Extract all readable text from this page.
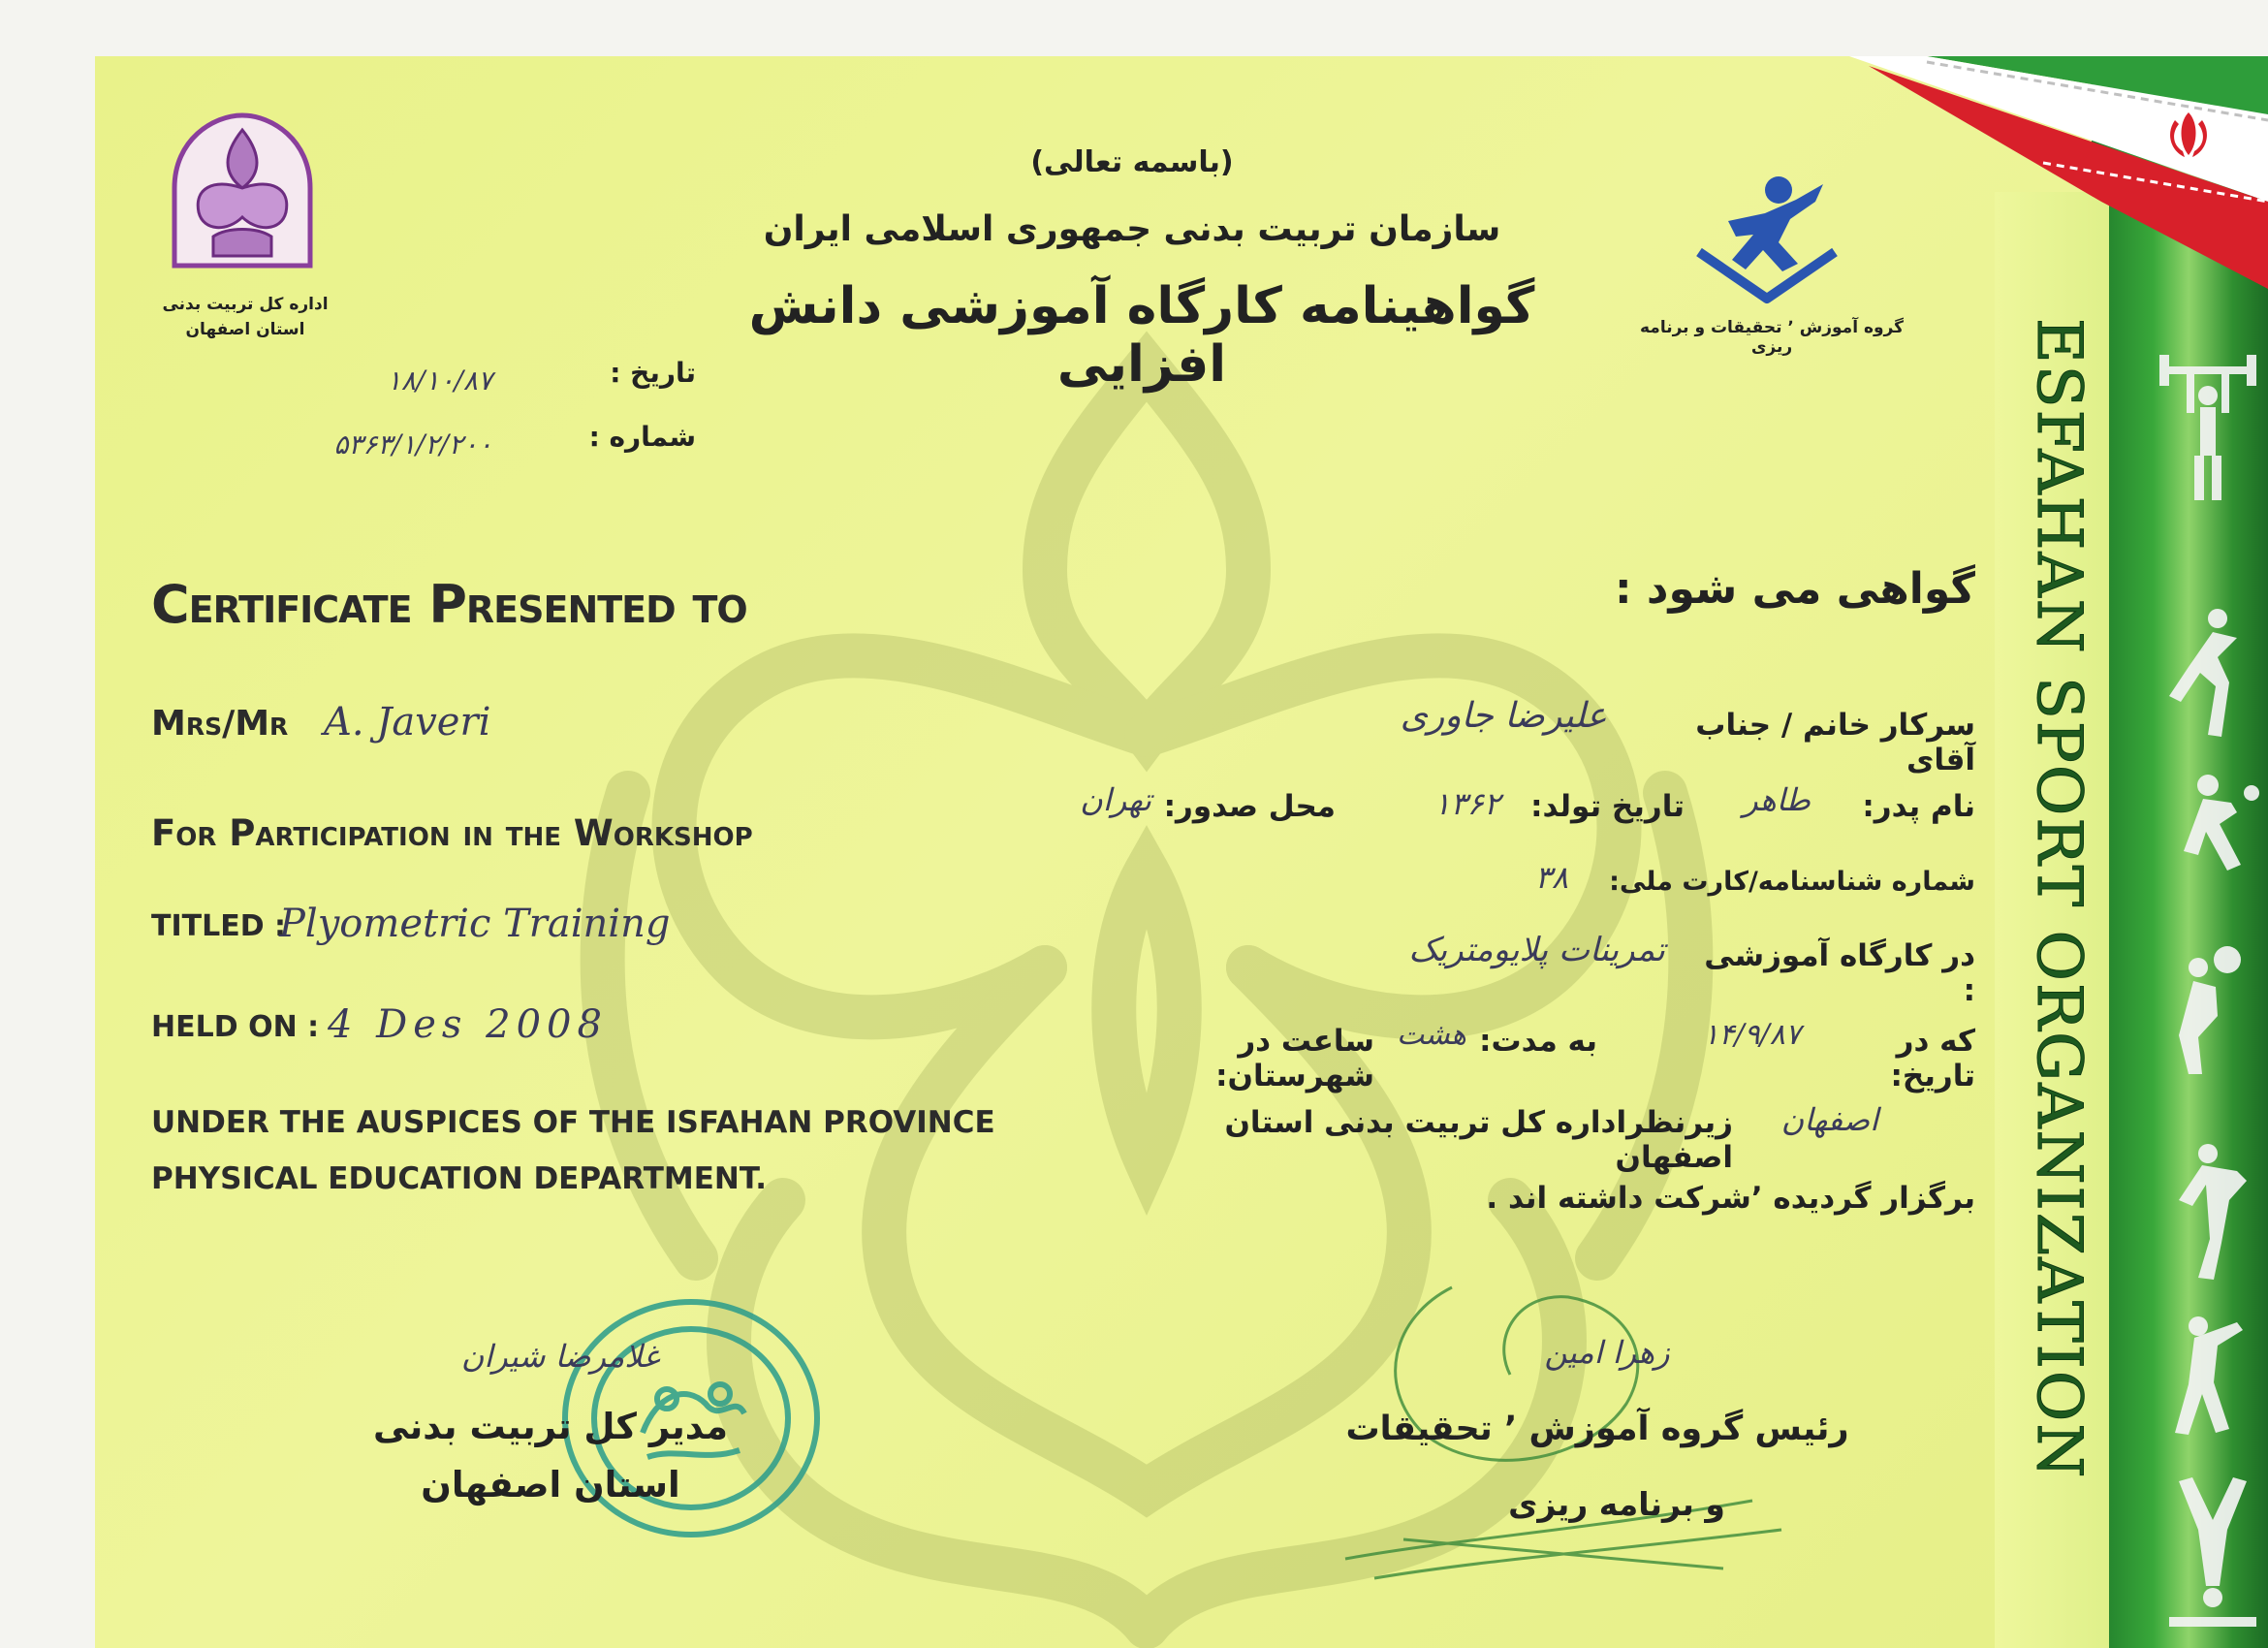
اداره کل تربیت بدنی
استان اصفهان
(باسمه تعالی)
سازمان تربیت بدنی جمهوری اسلامی ایران
گواهینامه کارگاه آموزشی دانش افزایی
گروه آموزش ٬ تحقیقات و برنامه ریزی
تاریخ :
۱۸/۱۰/۸۷
شماره :
۵۳۶۳/۱/۲/۲۰۰
Certificate Presented to
Mrs/Mr A. Javeri
For Participation in the Workshop
TITLED :
Plyometric Training
HELD ON : 4 Des 2008
UNDER THE AUSPICES OF THE ISFAHAN PROVINCE
PHYSICAL EDUCATION DEPARTMENT.
گواهی می شود :
سرکار خانم / جناب آقای
علیرضا جاوری
نام پدر:
طاهر
تاریخ تولد:
۱۳۶۲
محل صدور:
تهران
شماره شناسنامه/کارت ملی:
۳۸
در کارگاه آموزشی :
تمرینات پلایومتریک
که در تاریخ:
۱۴/۹/۸۷
به مدت:
هشت
ساعت در شهرستان:
اصفهان
زیرنظراداره کل تربیت بدنی استان اصفهان
برگزار گردیده ٬شرکت داشته اند .
غلامرضا شیران
مدیر کل تربیت بدنی
استان اصفهان
زهرا امین
رئیس گروه آموزش ٬ تحقیقات
و برنامه ریزی
ESFAHAN SPORT ORGANIZATION
